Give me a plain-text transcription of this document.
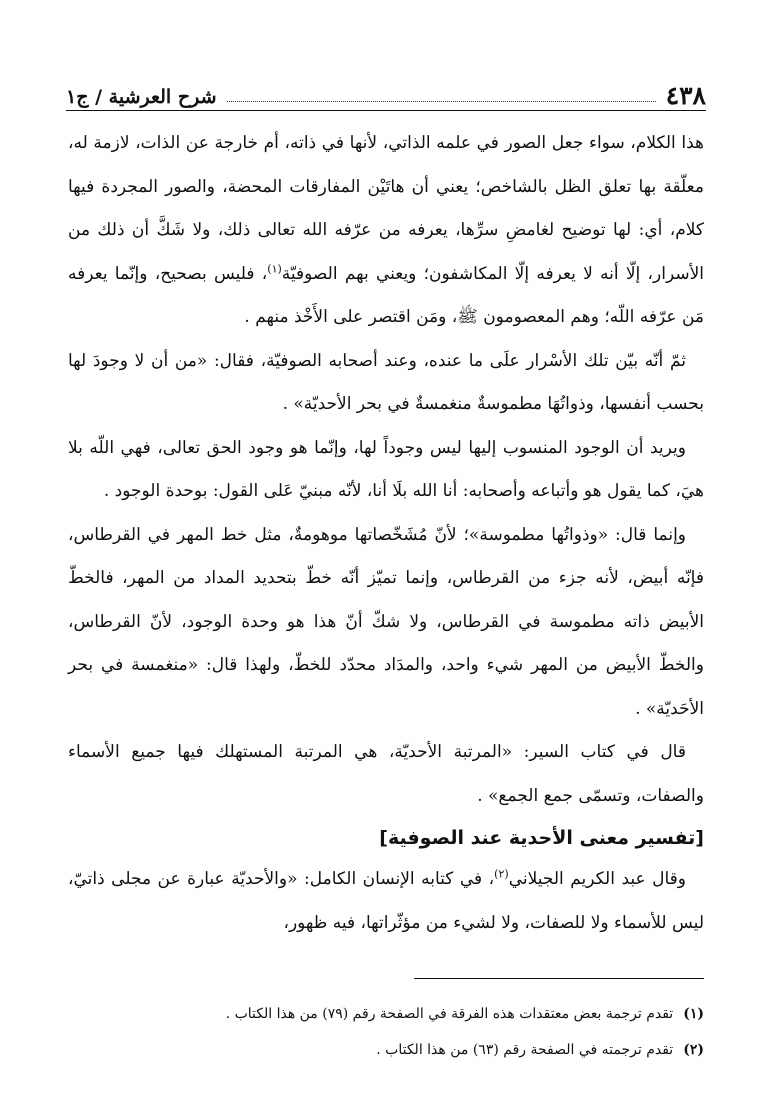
٤٣٨
شرح العرشية / ج١

هذا الكلام، سواء جعل الصور في علمه الذاتي، لأنها في ذاته، أم خارجة عن الذات، لازمة له، معلّقة بها تعلق الظل بالشاخص؛ يعني أن هاتَيْن المفارقات المحضة، والصور المجردة فيها كلام، أي: لها توضيح لغامضِ سرِّها، يعرفه من عرّفه الله تعالى ذلك، ولا شَكَّ أن ذلك من الأسرار، إلّا أنه لا يعرفه إلّا المكاشفون؛ ويعني بهم الصوفيّة$^{(١)}$، فليس بصحيح، وإنّما يعرفه مَن عرّفه اللّه؛ وهم المعصومون ﷺ، ومَن اقتصر على الأَخْذ منهم .

ثمّ أنّه بيّن تلك الأسْرار علَى ما عنده، وعند أصحابه الصوفيّة، فقال: «من أن لا وجودَ لها بحسب أنفسها، وذواتُهَا مطموسةٌ منغمسةٌ في بحر الأحديّة» .

ويريد أن الوجود المنسوب إليها ليس وجوداً لها، وإنّما هو وجود الحق تعالى، فهي اللّه بلا هيَ، كما يقول هو وأتباعه وأصحابه: أنا الله بلَا أنا، لأنّه مبنيّ عَلى القول: بوحدة الوجود .

وإنما قال: «وذواتُها مطموسة»؛ لأنّ مُشَخّصاتها موهومةٌ، مثل خط المهر في القرطاس، فإنّه أبيض، لأنه جزء من القرطاس، وإنما تميّز أنّه خطّ بتحديد المداد من المهر، فالخطّ الأبيض ذاته مطموسة في القرطاس، ولا شكّ أنّ هذا هو وحدة الوجود، لأنّ القرطاس، والخطّ الأبيض من المهر شيء واحد، والمدَاد محدّد للخطّ، ولهذا قال: «منغمسة في بحر الأحَديّة» .

قال في كتاب السير: «المرتبة الأحديّة، هي المرتبة المستهلك فيها جميع الأسماء والصفات، وتسمّى جمع الجمع» .

[تفسير معنى الأحدية عند الصوفية]

وقال عبد الكريم الجيلاني$^{(٢)}$، في كتابه الإنسان الكامل: «والأحديّة عبارة عن مجلى ذاتيّ، ليس للأسماء ولا للصفات، ولا لشيء من مؤثّراتها، فيه ظهور،

(١)
تقدم ترجمة بعض معتقدات هذه الفرقة في الصفحة رقم (٧٩) من هذا الكتاب .
(٢)
تقدم ترجمته في الصفحة رقم (٦٣) من هذا الكتاب .
